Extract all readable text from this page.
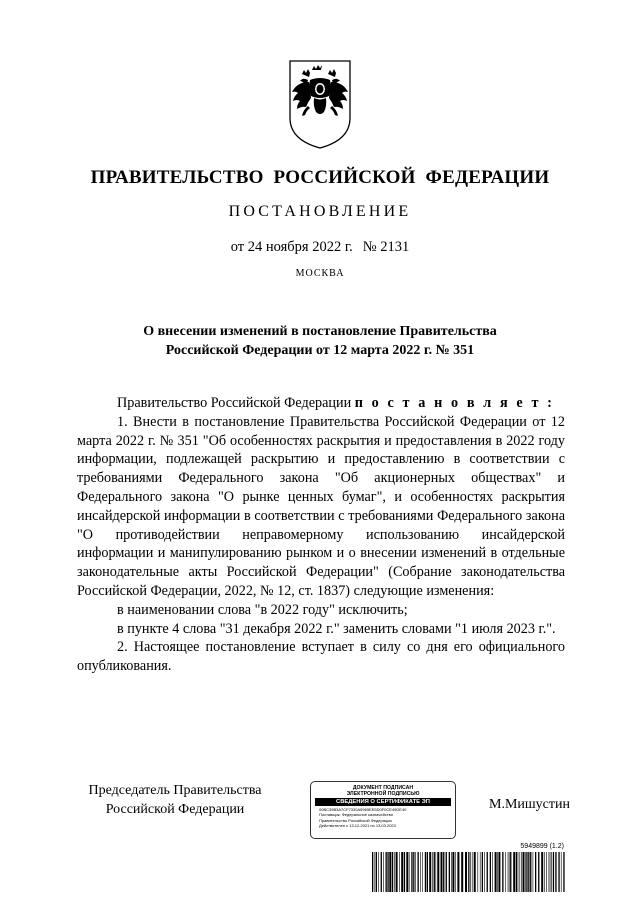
ПРАВИТЕЛЬСТВО РОССИЙСКОЙ ФЕДЕРАЦИИ
ПОСТАНОВЛЕНИЕ
от 24 ноября 2022 г. № 2131
МОСКВА
О внесении изменений в постановление Правительства
Российской Федерации от 12 марта 2022 г. № 351

Правительство Российской Федерации п о с т а н о в л я е т :

1. Внести в постановление Правительства Российской Федерации от 12 марта 2022 г. № 351 "Об особенностях раскрытия и предоставления в 2022 году информации, подлежащей раскрытию и предоставлению в соответствии с требованиями Федерального закона "Об акционерных обществах" и Федерального закона "О рынке ценных бумаг", и особенностях раскрытия инсайдерской информации в соответствии с требованиями Федерального закона "О противодействии неправомерному использованию инсайдерской информации и манипулированию рынком и о внесении изменений в отдельные законодательные акты Российской Федерации" (Собрание законодательства Российской Федерации, 2022, № 12, ст. 1837) следующие изменения:

в наименовании слова "в 2022 году" исключить;

в пункте 4 слова "31 декабря 2022 г." заменить словами "1 июля 2023 г.".

2. Настоящее постановление вступает в силу со дня его официального опубликования.

Председатель Правительства
Российской Федерации
ДОКУМЕНТ ПОДПИСАН
ЭЛЕКТРОННОЙ ПОДПИСЬЮ
СВЕДЕНИЯ О СЕРТИФИКАТЕ ЭП
00BC39B3A7CF7330A5965EE5D0F0CE49DE40
Поставщик: Федеральное казначейство
Правительство Российской Федерации
Действителен с 13.12.2021 по 13.03.2023
М.Мишустин
5949899 (1.2)
